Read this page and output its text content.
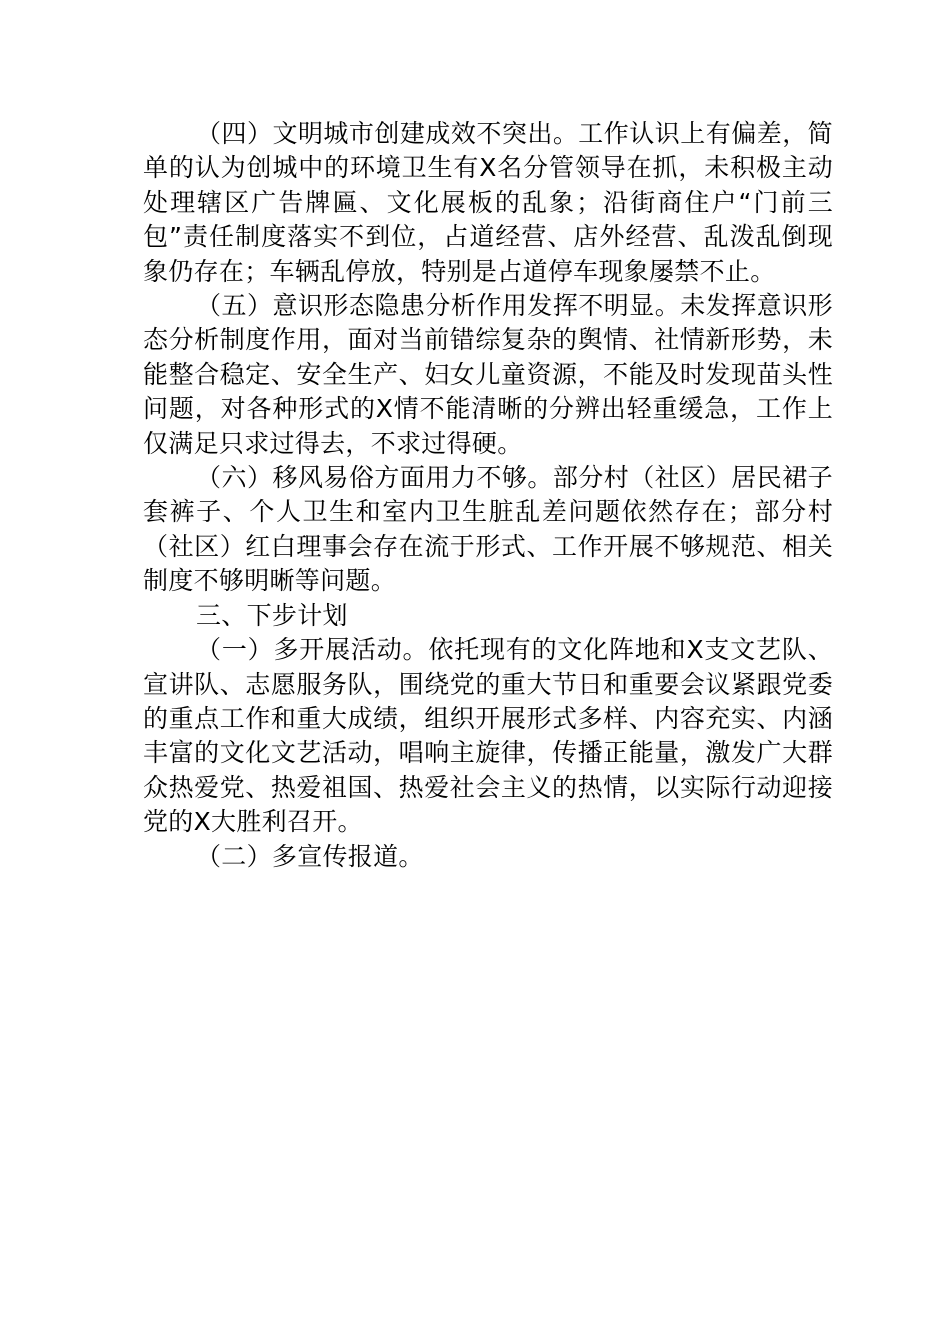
（四）文明城市创建成效不突出。工作认识上有偏差，简单的认为创城中的环境卫生有X名分管领导在抓，未积极主动处理辖区广告牌匾、文化展板的乱象；沿街商住户“门前三包”责任制度落实不到位，占道经营、店外经营、乱泼乱倒现象仍存在；车辆乱停放，特别是占道停车现象屡禁不止。

（五）意识形态隐患分析作用发挥不明显。未发挥意识形态分析制度作用，面对当前错综复杂的舆情、社情新形势，未能整合稳定、安全生产、妇女儿童资源，不能及时发现苗头性问题，对各种形式的X情不能清晰的分辨出轻重缓急，工作上仅满足只求过得去，不求过得硬。

（六）移风易俗方面用力不够。部分村（社区）居民裙子套裤子、个人卫生和室内卫生脏乱差问题依然存在；部分村（社区）红白理事会存在流于形式、工作开展不够规范、相关制度不够明晰等问题。

三、下步计划

（一）多开展活动。依托现有的文化阵地和X支文艺队、宣讲队、志愿服务队，围绕党的重大节日和重要会议紧跟党委的重点工作和重大成绩，组织开展形式多样、内容充实、内涵丰富的文化文艺活动，唱响主旋律，传播正能量，激发广大群众热爱党、热爱祖国、热爱社会主义的热情，以实际行动迎接党的X大胜利召开。

（二）多宣传报道。
